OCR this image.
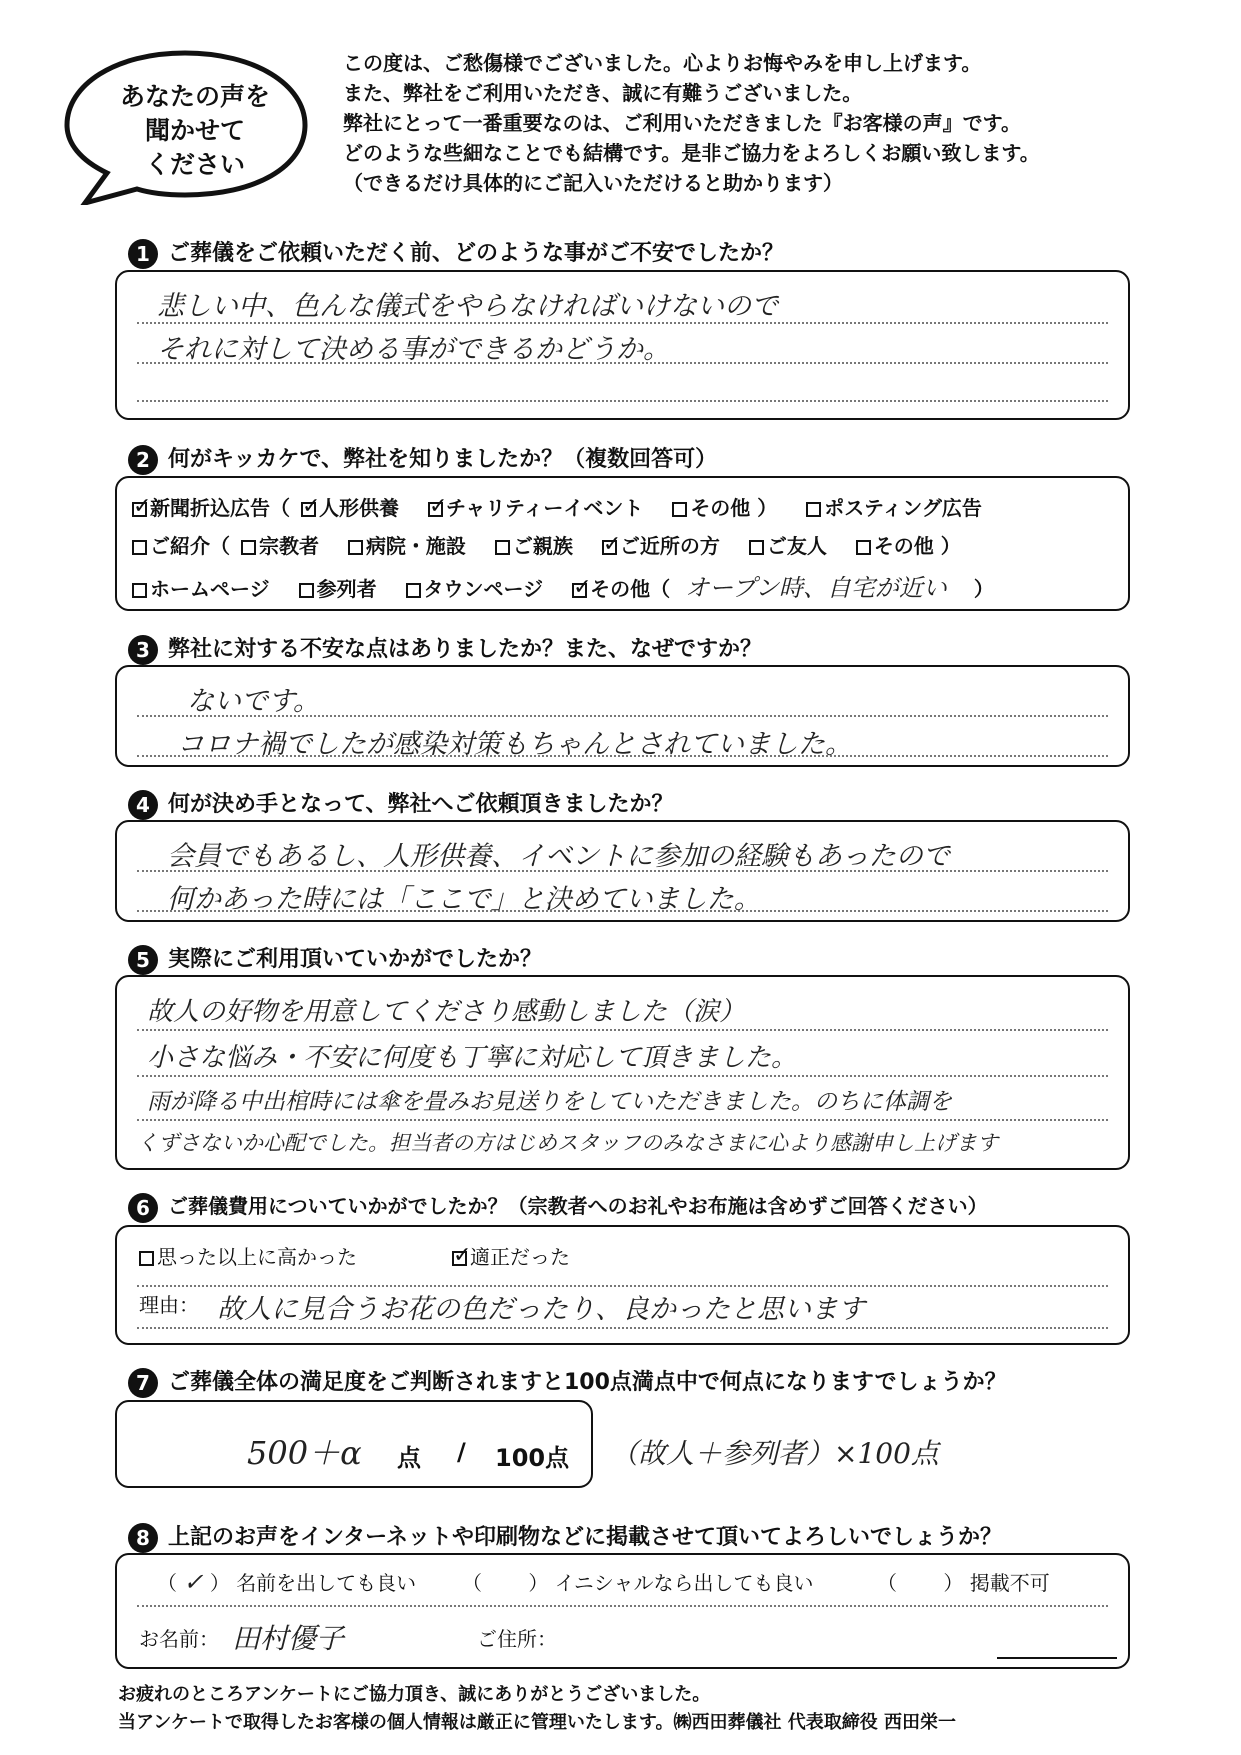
あなたの声を
聞かせて
ください
この度は、ご愁傷様でございました。心よりお悔やみを申し上げます。
また、弊社をご利用いただき、誠に有難うございました。
弊社にとって一番重要なのは、ご利用いただきました『お客様の声』です。
どのような些細なことでも結構です。是非ご協力をよろしくお願い致します。
（できるだけ具体的にご記入いただけると助かります）
1 ご葬儀をご依頼いただく前、どのような事がご不安でしたか？
悲しい中、色んな儀式をやらなければいけないので
それに対して決める事ができるかどうか。
2 何がキッカケで、弊社を知りましたか？（複数回答可）
✓新聞折込広告（ ✓ 人形供養 ✓ チャリティーイベント その他 ） ポスティング広告
ご紹介（ 宗教者 病院・施設 ご親族 ✓ ご近所の方 ご友人 その他 ）
ホームページ 参列者 タウンページ ✓ その他（ オープン時、自宅が近い ）
3 弊社に対する不安な点はありましたか？また、なぜですか？
ないです。
コロナ禍でしたが感染対策もちゃんとされていました。
4 何が決め手となって、弊社へご依頼頂きましたか？
会員でもあるし、人形供養、イベントに参加の経験もあったので
何かあった時には「ここで」と決めていました。
5 実際にご利用頂いていかがでしたか？
故人の好物を用意してくださり感動しました（涙）
小さな悩み・不安に何度も丁寧に対応して頂きました。
雨が降る中出棺時には傘を畳みお見送りをしていただきました。のちに体調を
くずさないか心配でした。担当者の方はじめスタッフのみなさまに心より感謝申し上げます
6 ご葬儀費用についていかがでしたか？（宗教者へのお礼やお布施は含めずご回答ください）
思った以上に高かった ✓	適正だった
理由： 故人に見合うお花の色だったり、良かったと思います
7 ご葬儀全体の満足度をご判断されますと100点満点中で何点になりますでしょうか？
500＋α 点 / 100点 （故人＋参列者）×100点
8 上記のお声をインターネットや印刷物などに掲載させて頂いてよろしいでしょうか？
（ ✓ ） 名前を出しても良い （　　 ） イニシャルなら出しても良い	（　　 ） 掲載不可
お名前： 田村優子	ご住所：
お疲れのところアンケートにご協力頂き、誠にありがとうございました。
当アンケートで取得したお客様の個人情報は厳正に管理いたします。㈱西田葬儀社 代表取締役 西田栄一
